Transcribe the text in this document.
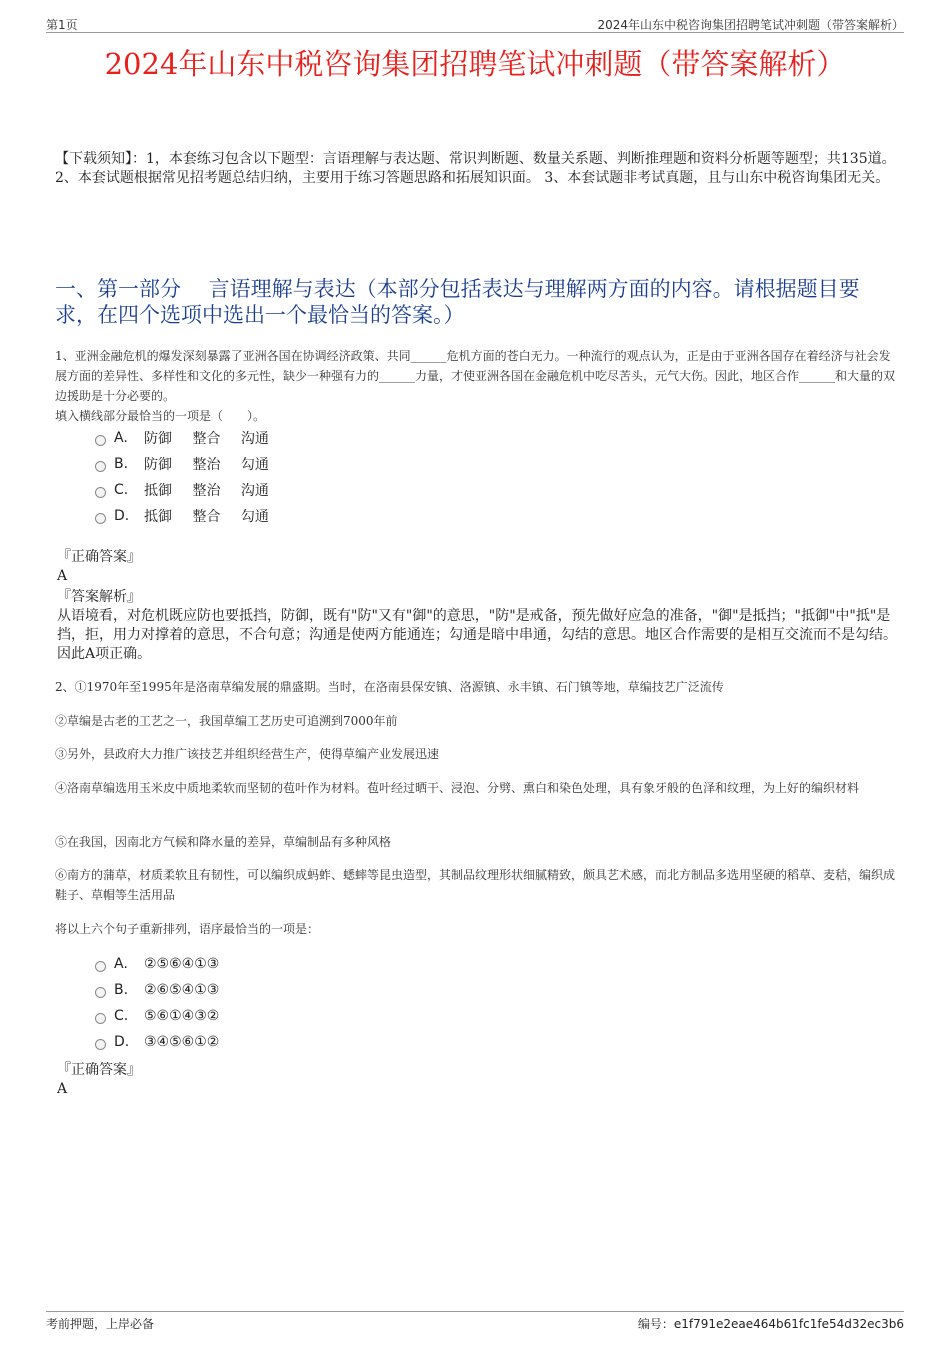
第1页	2024年山东中税咨询集团招聘笔试冲刺题（带答案解析）
2024年山东中税咨询集团招聘笔试冲刺题（带答案解析）
【下载须知】：1，本套练习包含以下题型：言语理解与表达题、常识判断题、数量关系题、判断推理题和资料分析题等题型；共135道。 2、本套试题根据常见招考题总结归纳，主要用于练习答题思路和拓展知识面。 3、本套试题非考试真题，且与山东中税咨询集团无关。
一、第一部分　 言语理解与表达（本部分包括表达与理解两方面的内容。请根据题目要求，在四个选项中选出一个最恰当的答案。）
1、亚洲金融危机的爆发深刻暴露了亚洲各国在协调经济政策、共同______危机方面的苍白无力。一种流行的观点认为，正是由于亚洲各国存在着经济与社会发展方面的差异性、多样性和文化的多元性，缺少一种强有力的______力量，才使亚洲各国在金融危机中吃尽苦头，元气大伤。因此，地区合作______和大量的双边援助是十分必要的。
填入横线部分最恰当的一项是（　　）。
A.	防御 整合 沟通
B.	防御 整治 勾通
C.	抵御 整治 沟通
D.	抵御 整合 勾通
『正确答案』
A
『答案解析』
从语境看，对危机既应防也要抵挡，防御，既有"防"又有"御"的意思，"防"是戒备，预先做好应急的准备，"御"是抵挡；"抵御"中"抵"是挡，拒，用力对撑着的意思，不合句意；沟通是使两方能通连；勾通是暗中串通，勾结的意思。地区合作需要的是相互交流而不是勾结。因此A项正确。
2、①1970年至1995年是洛南草编发展的鼎盛期。当时，在洛南县保安镇、洛源镇、永丰镇、石门镇等地，草编技艺广泛流传
②草编是古老的工艺之一，我国草编工艺历史可追溯到7000年前
③另外，县政府大力推广该技艺并组织经营生产，使得草编产业发展迅速
④洛南草编选用玉米皮中质地柔软而坚韧的苞叶作为材料。苞叶经过晒干、浸泡、分劈、熏白和染色处理，具有象牙般的色泽和纹理，为上好的编织材料
⑤在我国，因南北方气候和降水量的差异，草编制品有多种风格
⑥南方的蒲草，材质柔软且有韧性，可以编织成蚂蚱、蟋蟀等昆虫造型，其制品纹理形状细腻精致，颇具艺术感，而北方制品多选用坚硬的稻草、麦秸，编织成鞋子、草帽等生活用品
将以上六个句子重新排列，语序最恰当的一项是：
A.	②⑤⑥④①③
B.	②⑥⑤④①③
C.	⑤⑥①④③②
D.	③④⑤⑥①②
『正确答案』
A
考前押题，上岸必备	编号：e1f791e2eae464b61fc1fe54d32ec3b6
